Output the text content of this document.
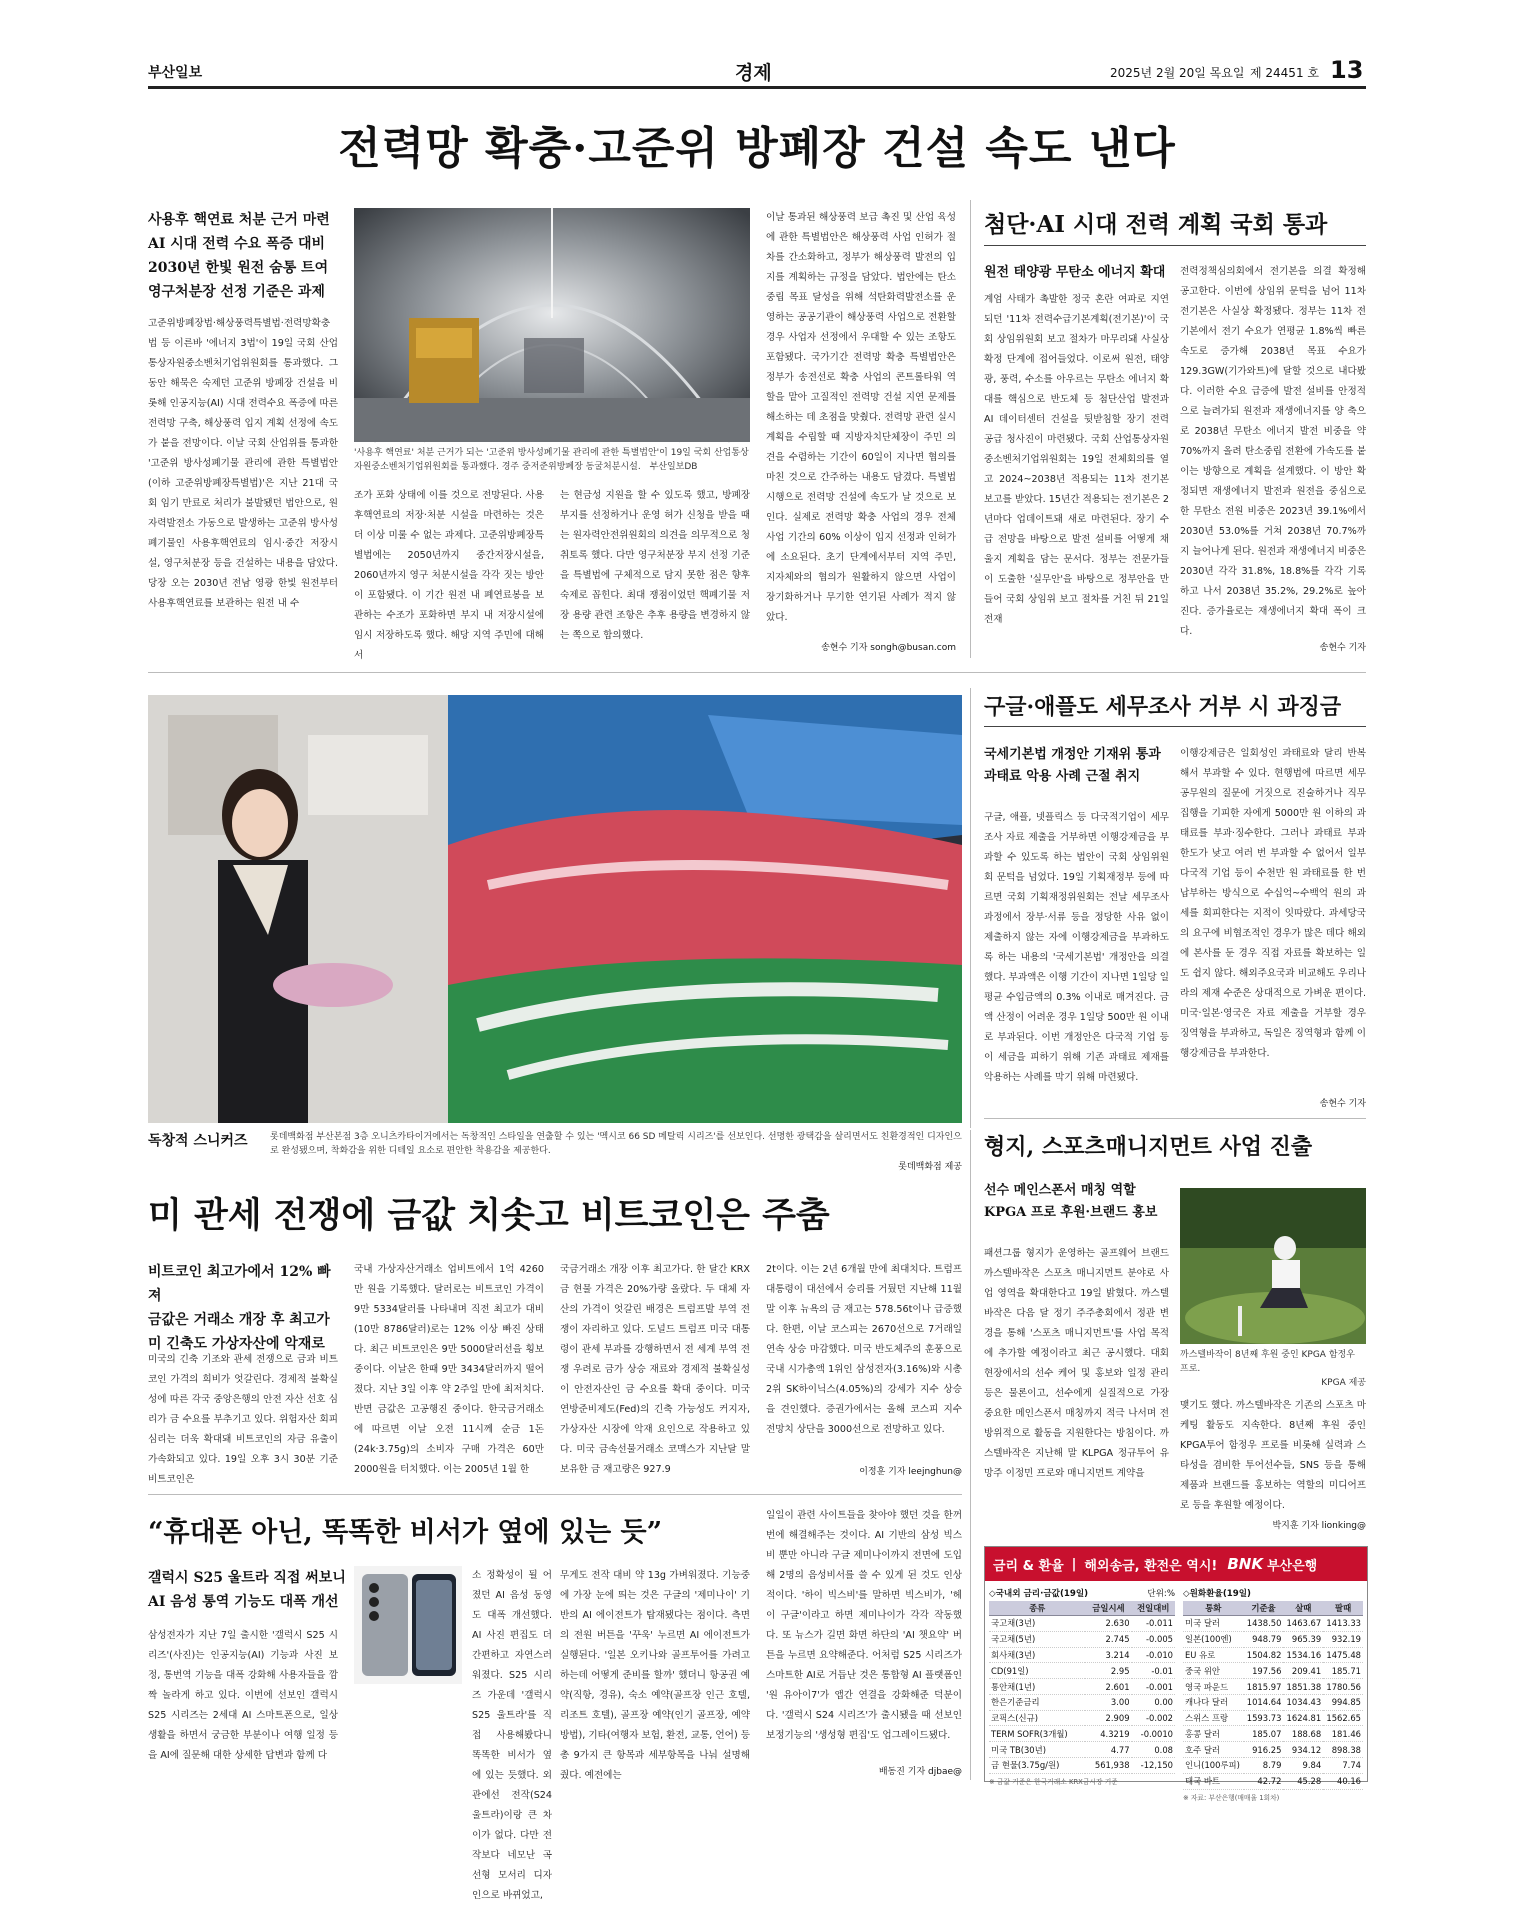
부산일보	경제	2025년 2월 20일 목요일 제 24451 호 13
전력망 확충·고준위 방폐장 건설 속도 낸다
사용후 핵연료 처분 근거 마련
AI 시대 전력 수요 폭증 대비
2030년 한빛 원전 숨통 트여
영구처분장 선정 기준은 과제
고준위방폐장법·해상풍력특별법·전력망확충법 등 이른바 '에너지 3법'이 19일 국회 산업통상자원중소벤처기업위원회를 통과했다. 그동안 해묵은 숙제던 고준위 방폐장 건설을 비롯해 인공지능(AI) 시대 전력수요 폭증에 따른 전력망 구축, 해상풍력 입지 계획 선정에 속도가 붙을 전망이다. 이날 국회 산업위를 통과한 '고준위 방사성폐기물 관리에 관한 특별법안(이하 고준위방폐장특별법)'은 지난 21대 국회 임기 만료로 처리가 불발됐던 법안으로, 원자력발전소 가동으로 발생하는 고준위 방사성폐기물인 사용후핵연료의 임시·중간 저장시설, 영구처분장 등을 건설하는 내용을 담았다. 당장 오는 2030년 전남 영광 한빛 원전부터 사용후핵연료를 보관하는 원전 내 수
'사용후 핵연료' 처분 근거가 되는 '고준위 방사성폐기물 관리에 관한 특별법안'이 19일 국회 산업통상자원중소벤처기업위원회를 통과했다. 경주 중저준위방폐장 동굴처분시설. 부산일보DB
조가 포화 상태에 이를 것으로 전망된다. 사용후핵연료의 저장·처분 시설을 마련하는 것은 더 이상 미룰 수 없는 과제다. 고준위방폐장특별법에는 2050년까지 중간저장시설을, 2060년까지 영구 처분시설을 각각 짓는 방안이 포함됐다. 이 기간 원전 내 폐연료봉을 보관하는 수조가 포화하면 부지 내 저장시설에 임시 저장하도록 했다. 해당 지역 주민에 대해서
는 현금성 지원을 할 수 있도록 했고, 방폐장 부지를 선정하거나 운영 허가 신청을 받을 때는 원자력안전위원회의 의견을 의무적으로 청취토록 했다. 다만 영구처분장 부지 선정 기준을 특별법에 구체적으로 담지 못한 점은 향후 숙제로 꼽힌다. 최대 쟁점이었던 핵폐기물 저장 용량 관련 조항은 추후 용량을 변경하지 않는 쪽으로 합의했다.
이날 통과된 해상풍력 보급 촉진 및 산업 육성에 관한 특별법안은 해상풍력 사업 인허가 절차를 간소화하고, 정부가 해상풍력 발전의 입지를 계획하는 규정을 담았다. 법안에는 탄소중립 목표 달성을 위해 석탄화력발전소를 운영하는 공공기관이 해상풍력 사업으로 전환할 경우 사업자 선정에서 우대할 수 있는 조항도 포함됐다. 국가기간 전력망 확충 특별법안은 정부가 송전선로 확충 사업의 콘트롤타워 역할을 맡아 고질적인 전력망 건설 지연 문제를 해소하는 데 초점을 맞췄다. 전력망 관련 실시계획을 수립할 때 지방자치단체장이 주민 의견을 수렴하는 기간이 60일이 지나면 협의를 마친 것으로 간주하는 내용도 담겼다. 특별법 시행으로 전력망 건설에 속도가 날 것으로 보인다. 실제로 전력망 확충 사업의 경우 전체 사업 기간의 60% 이상이 입지 선정과 인허가에 소요된다. 초기 단계에서부터 지역 주민, 지자체와의 협의가 원활하지 않으면 사업이 장기화하거나 무기한 연기된 사례가 적지 않았다.
송현수 기자 songh@busan.com
첨단·AI 시대 전력 계획 국회 통과
원전 태양광 무탄소 에너지 확대
계엄 사태가 촉발한 정국 혼란 여파로 지연되던 '11차 전력수급기본계획(전기본)'이 국회 상임위원회 보고 절차가 마무리돼 사실상 확정 단계에 접어들었다. 이로써 원전, 태양광, 풍력, 수소를 아우르는 무탄소 에너지 확대를 핵심으로 반도체 등 첨단산업 발전과 AI 데이터센터 건설을 뒷받침할 장기 전력 공급 청사진이 마련됐다. 국회 산업통상자원중소벤처기업위원회는 19일 전체회의를 열고 2024~2038년 적용되는 11차 전기본 보고를 받았다. 15년간 적용되는 전기본은 2년마다 업데이트돼 새로 마련된다. 장기 수급 전망을 바탕으로 발전 설비를 어떻게 채울지 계획을 담는 문서다. 정부는 전문가들이 도출한 '실무안'을 바탕으로 정부안을 만들어 국회 상임위 보고 절차를 거친 뒤 21일 전재
전력정책심의회에서 전기본을 의결 확정해 공고한다. 이번에 상임위 문턱을 넘어 11차 전기본은 사실상 확정됐다. 정부는 11차 전기본에서 전기 수요가 연평균 1.8%씩 빠른 속도로 증가해 2038년 목표 수요가 129.3GW(기가와트)에 달할 것으로 내다봤다. 이러한 수요 급증에 발전 설비를 안정적으로 늘려가되 원전과 재생에너지를 양 축으로 2038년 무탄소 에너지 발전 비중을 약 70%까지 올려 탄소중립 전환에 가속도를 붙이는 방향으로 계획을 설계했다. 이 방안 확정되면 재생에너지 발전과 원전을 중심으로 한 무탄소 전원 비중은 2023년 39.1%에서 2030년 53.0%를 거쳐 2038년 70.7%까지 늘어나게 된다. 원전과 재생에너지 비중은 2030년 각각 31.8%, 18.8%를 각각 기록하고 나서 2038년 35.2%, 29.2%로 높아진다. 증가율로는 재생에너지 확대 폭이 크다.
송현수 기자
독창적 스니커즈 롯데백화점 부산본점 3층 오니츠카타이거에서는 독창적인 스타일을 연출할 수 있는 '멕시코 66 SD 메탈릭 시리즈'를 선보인다. 선명한 광택감을 살리면서도 친환경적인 디자인으로 완성됐으며, 착화감을 위한 디테일 요소로 편안한 착용감을 제공한다.
롯데백화점 제공
구글·애플도 세무조사 거부 시 과징금
국세기본법 개정안 기재위 통과
과태료 악용 사례 근절 취지
구글, 애플, 넷플릭스 등 다국적기업이 세무조사 자료 제출을 거부하면 이행강제금을 부과할 수 있도록 하는 법안이 국회 상임위원회 문턱을 넘었다. 19일 기획재정부 등에 따르면 국회 기획재정위원회는 전날 세무조사 과정에서 장부·서류 등을 정당한 사유 없이 제출하지 않는 자에 이행강제금을 부과하도록 하는 내용의 '국세기본법' 개정안을 의결했다. 부과액은 이행 기간이 지나면 1일당 일평균 수입금액의 0.3% 이내로 매겨진다. 금액 산정이 어려운 경우 1일당 500만 원 이내로 부과된다. 이번 개정안은 다국적 기업 등이 세금을 피하기 위해 기존 과태료 제재를 악용하는 사례를 막기 위해 마련됐다.
이행강제금은 일회성인 과태료와 달리 반복해서 부과할 수 있다. 현행법에 따르면 세무공무원의 질문에 거짓으로 진술하거나 직무집행을 기피한 자에게 5000만 원 이하의 과태료를 부과·징수한다. 그러나 과태료 부과 한도가 낮고 여러 번 부과할 수 없어서 일부 다국적 기업 등이 수천만 원 과태료를 한 번 납부하는 방식으로 수십억~수백억 원의 과세를 회피한다는 지적이 잇따랐다. 과세당국의 요구에 비협조적인 경우가 많은 데다 해외에 본사를 둔 경우 직접 자료를 확보하는 일도 쉽지 않다. 해외주요국과 비교해도 우리나라의 제재 수준은 상대적으로 가벼운 편이다. 미국·일본·영국은 자료 제출을 거부할 경우 징역형을 부과하고, 독일은 징역형과 함께 이행강제금을 부과한다.
송현수 기자
형지, 스포츠매니지먼트 사업 진출
선수 메인스폰서 매칭 역할
KPGA 프로 후원·브랜드 홍보
패션그룹 형지가 운영하는 골프웨어 브랜드 까스텔바작은 스포츠 매니지먼트 분야로 사업 영역을 확대한다고 19일 밝혔다. 까스텔바작은 다음 달 정기 주주총회에서 정관 변경을 통해 '스포츠 매니지먼트'를 사업 목적에 추가할 예정이라고 최근 공시했다. 대회 현장에서의 선수 케어 및 홍보와 일정 관리 등은 물론이고, 선수에게 실질적으로 가장 중요한 메인스폰서 매칭까지 적극 나서며 전방위적으로 활동을 지원한다는 방침이다. 까스텔바작은 지난해 말 KLPGA 정규투어 유망주 이정민 프로와 매니지먼트 계약을
까스텔바작이 8년째 후원 중인 KPGA 함정우 프로.
KPGA 제공
맺기도 했다. 까스텔바작은 기존의 스포츠 마케팅 활동도 지속한다. 8년째 후원 중인 KPGA투어 함정우 프로를 비롯해 실력과 스타성을 겸비한 투어선수들, SNS 등을 통해 제품과 브랜드를 홍보하는 역할의 미디어프로 등을 후원할 예정이다.
박지훈 기자 lionking@
미 관세 전쟁에 금값 치솟고 비트코인은 주춤
비트코인 최고가에서 12% 빠져
금값은 거래소 개장 후 최고가
미 긴축도 가상자산에 악재로
미국의 긴축 기조와 관세 전쟁으로 금과 비트코인 가격의 희비가 엇갈린다. 경제적 불확실성에 따른 각국 중앙은행의 안전 자산 선호 심리가 금 수요를 부추기고 있다. 위험자산 회피 심리는 더욱 확대돼 비트코인의 자금 유출이 가속화되고 있다. 19일 오후 3시 30분 기준 비트코인은
국내 가상자산거래소 업비트에서 1억 4260만 원을 기록했다. 달러로는 비트코인 가격이 9만 5334달러를 나타내며 직전 최고가 대비(10만 8786달러)로는 12% 이상 빠진 상태다. 최근 비트코인은 9만 5000달러선을 횡보 중이다. 이날은 한때 9만 3434달러까지 떨어졌다. 지난 3일 이후 약 2주일 만에 최저치다. 반면 금값은 고공행진 중이다. 한국금거래소에 따르면 이날 오전 11시께 순금 1돈(24k·3.75g)의 소비자 구매 가격은 60만 2000원을 터치했다. 이는 2005년 1월 한
국금거래소 개장 이후 최고가다. 한 달간 KRX 금 현물 가격은 20%가량 올랐다. 두 대체 자산의 가격이 엇갈린 배경은 트럼프발 부역 전쟁이 자리하고 있다. 도널드 트럼프 미국 대통령이 관세 부과를 강행하면서 전 세계 부역 전쟁 우려로 금가 상승 재료와 경제적 불확실성이 안전자산인 금 수요를 확대 중이다. 미국 연방준비제도(Fed)의 긴축 가능성도 커지자, 가상자산 시장에 악재 요인으로 작용하고 있다. 미국 금속선물거래소 코맥스가 지난달 말 보유한 금 재고량은 927.9
2t이다. 이는 2년 6개월 만에 최대치다. 트럼프 대통령이 대선에서 승리를 거뒀던 지난해 11월 말 이후 뉴욕의 금 재고는 578.56t이나 급증했다. 한편, 이날 코스피는 2670선으로 7거래일 연속 상승 마감했다. 미국 반도체주의 훈풍으로 국내 시가총액 1위인 삼성전자(3.16%)와 시총 2위 SK하이닉스(4.05%)의 강세가 지수 상승을 견인했다. 증권가에서는 올해 코스피 지수 전망치 상단을 3000선으로 전망하고 있다.
이정훈 기자 leejnghun@
“휴대폰 아닌, 똑똑한 비서가 옆에 있는 듯”
갤럭시 S25 울트라 직접 써보니
AI 음성 통역 기능도 대폭 개선
삼성전자가 지난 7일 출시한 '갤럭시 S25 시리즈'(사진)는 인공지능(AI) 기능과 사진 보정, 통번역 기능을 대폭 강화해 사용자들을 깜짝 놀라게 하고 있다. 이번에 선보인 갤럭시 S25 시리즈는 2세대 AI 스마트폰으로, 일상 생활을 하면서 궁금한 부분이나 여행 일정 등을 AI에 질문해 대한 상세한 답변과 함께 다
소 정확성이 될 어졌던 AI 음성 동영도 대폭 개선했다. AI 사진 편집도 더 간편하고 자연스러워졌다. S25 시리즈 가운데 '갤럭시 S25 울트라'를 직접 사용해봤다니 똑똑한 비서가 옆에 있는 듯했다. 외관에선 전작(S24 울트라)이랑 큰 차이가 없다. 다만 전작보다 네모난 곡선형 모서리 디자인으로 바뀌었고,
무게도 전작 대비 약 13g 가벼워졌다. 기능중에 가장 눈에 띄는 것은 구글의 '제미나이' 기반의 AI 에이전트가 탑재됐다는 점이다. 측면의 전원 버튼을 '꾸욱' 누르면 AI 에이전트가 실행된다. '일본 오키나와 골프투어를 가려고 하는데 어떻게 준비를 할까' 했더니 항공권 예약(직항, 경유), 숙소 예약(골프장 인근 호텔, 리조트 호텔), 골프장 예약(인기 골프장, 예약방법), 기타(여행자 보험, 환전, 교통, 언어) 등 총 9가지 큰 항목과 세부항목을 나눠 설명해줬다. 예전에는
일일이 관련 사이트들을 찾아야 했던 것을 한꺼번에 해결해주는 것이다. AI 기반의 삼성 빅스비 뿐만 아니라 구글 제미나이까지 전면에 도입해 2명의 음성비서를 쓸 수 있게 된 것도 인상적이다. '하이 빅스비'를 말하면 빅스비가, '헤이 구글'이라고 하면 제미나이가 각각 작동했다. 또 뉴스가 길면 화면 하단의 'AI 챗요약' 버튼을 누르면 요약해준다. 어처럼 S25 시리즈가 스마트한 AI로 거듭난 것은 통합형 AI 플랫폼인 '원 유아이7'가 앱간 연결을 강화해준 덕분이다. '갤럭시 S24 시리즈'가 출시됐을 때 선보인 보정기능의 '생성형 편집'도 업그레이드됐다.
배동진 기자 djbae@
금리 & 환율 | 해외송금, 환전은 역시! BNK 부산은행
◇국내외 금리·금값(19일)	단위:%
종류	금일시세	전일대비
국고채(3년)	2.630	-0.011
국고채(5년)	2.745	-0.005
회사채(3년)	3.214	-0.010
CD(91일)	2.95	-0.01
통안채(1년)	2.601	-0.001
한은기준금리	3.00	0.00
코픽스(신규)	2.909	-0.002
TERM SOFR(3개월)	4.3219	-0.0010
미국 TB(30년)	4.77	0.08
금 현물(3.75g/원)	561,938	-12,150
※ 금값 기준은 한국거래소 KRX금시장 기준
◇원화환율(19일)
통화	기준율	살때	팔때
미국 달러	1438.50	1463.67	1413.33
일본(100엔)	948.79	965.39	932.19
EU 유로	1504.82	1534.16	1475.48
중국 위안	197.56	209.41	185.71
영국 파운드	1815.97	1851.38	1780.56
캐나다 달러	1014.64	1034.43	994.85
스위스 프랑	1593.73	1624.81	1562.65
홍콩 달러	185.07	188.68	181.46
호주 달러	916.25	934.12	898.38
인니(100루피)	8.79	9.84	7.74
태국 바트	42.72	45.28	40.16
※ 자료: 부산은행(매매율 1회차)
